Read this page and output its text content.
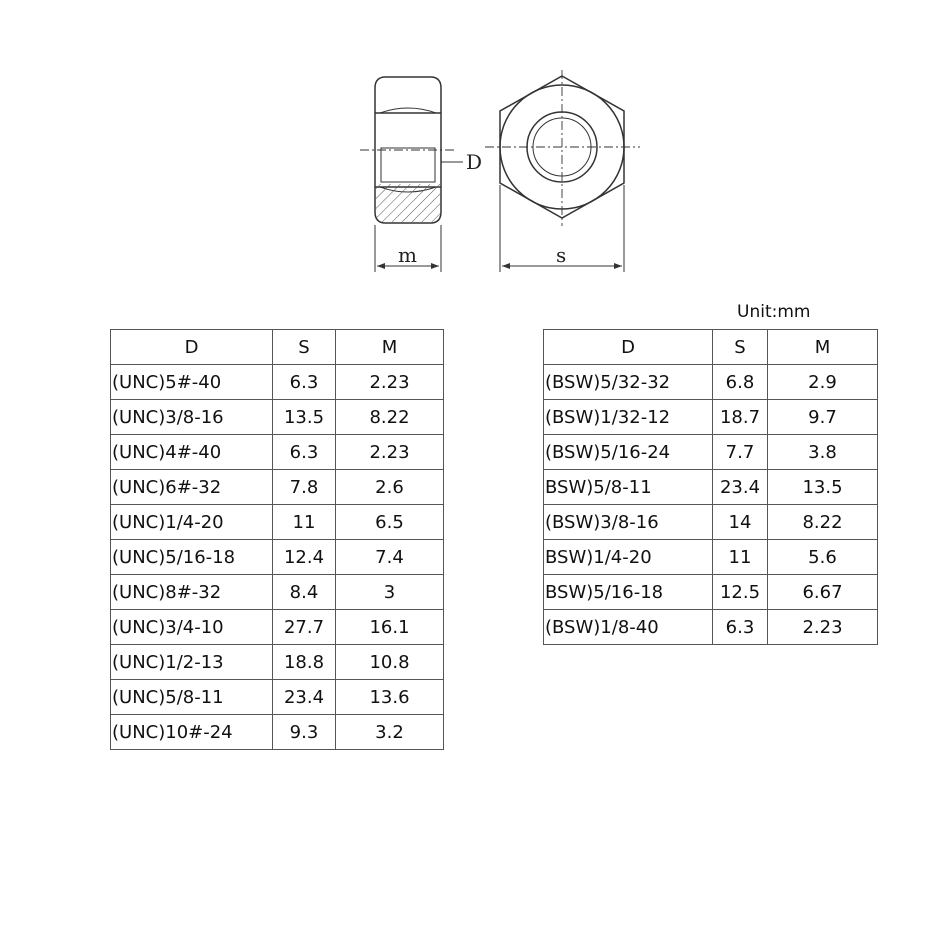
D
m	s
Unit:mm
D	S	M
(UNC)5#-40	6.3	2.23
(UNC)3/8-16	13.5	8.22
(UNC)4#-40	6.3	2.23
(UNC)6#-32	7.8	2.6
(UNC)1/4-20	11	6.5
(UNC)5/16-18	12.4	7.4
(UNC)8#-32	8.4	3
(UNC)3/4-10	27.7	16.1
(UNC)1/2-13	18.8	10.8
(UNC)5/8-11	23.4	13.6
(UNC)10#-24	9.3	3.2
D	S	M
(BSW)5/32-32	6.8	2.9
(BSW)1/32-12	18.7	9.7
(BSW)5/16-24	7.7	3.8
BSW)5/8-11	23.4	13.5
(BSW)3/8-16	14	8.22
BSW)1/4-20	11	5.6
BSW)5/16-18	12.5	6.67
(BSW)1/8-40	6.3	2.23
